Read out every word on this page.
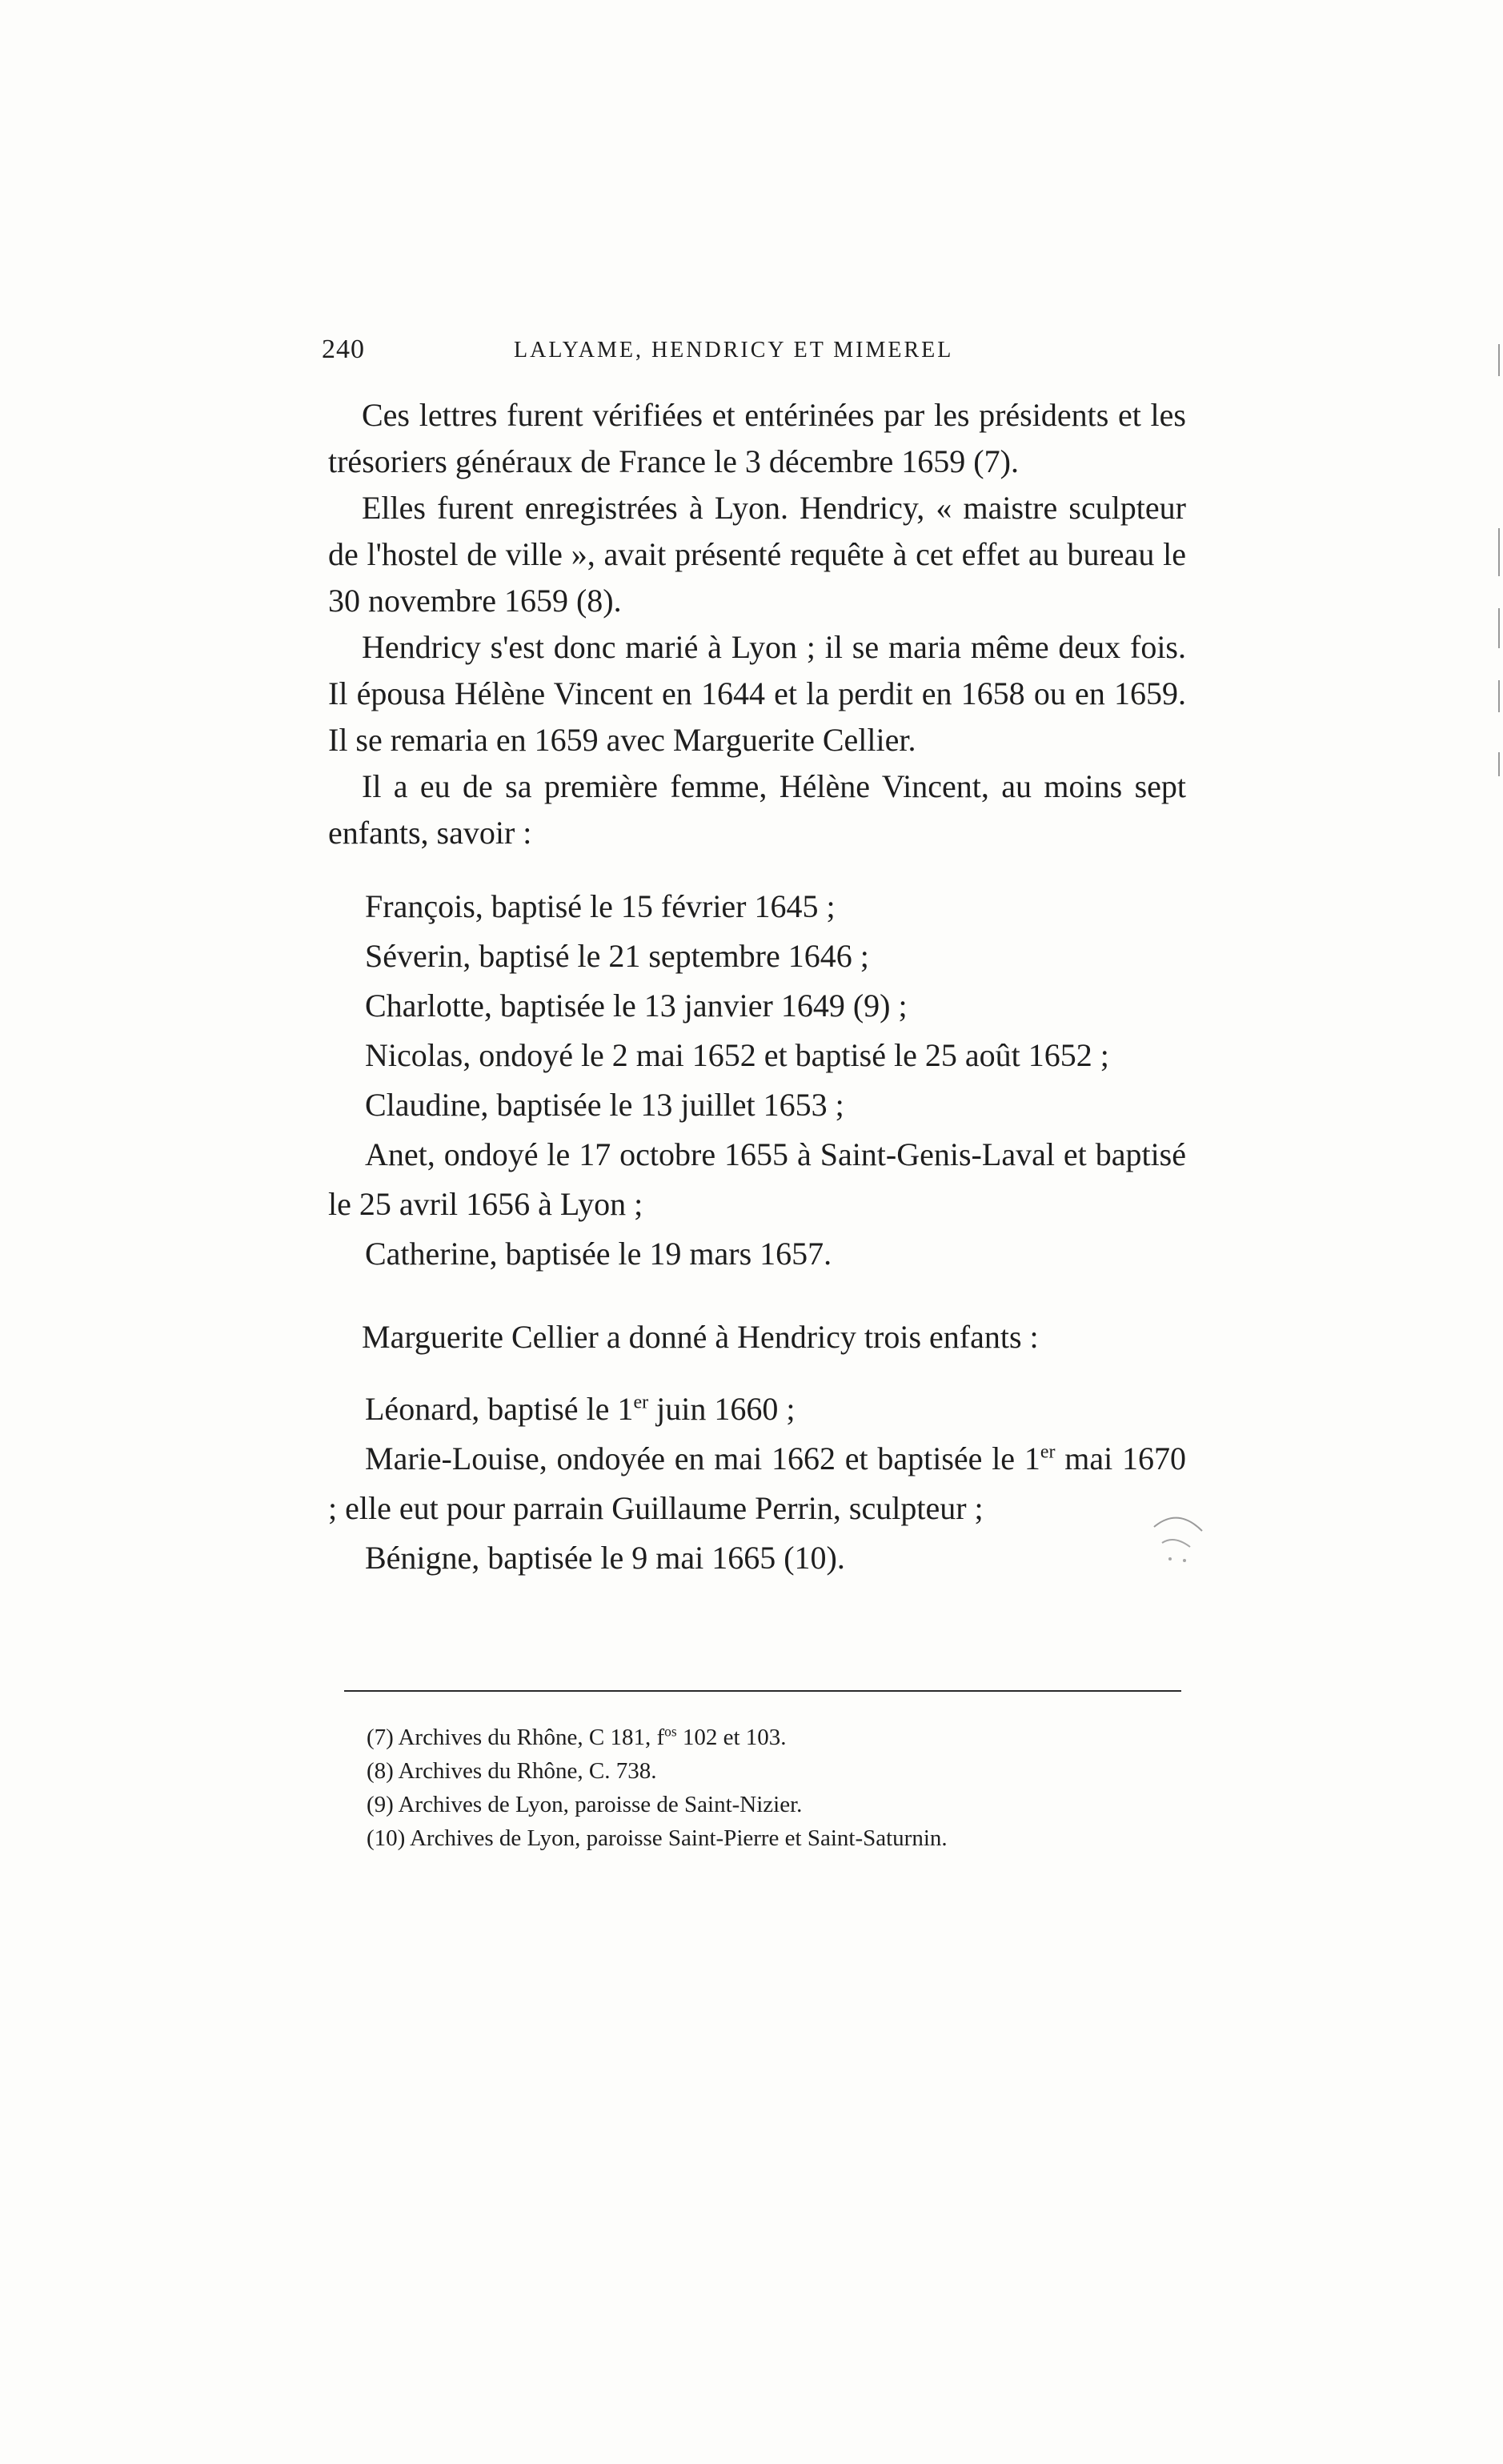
240	LALYAME, HENDRICY ET MIMEREL

Ces lettres furent vérifiées et entérinées par les présidents et les trésoriers généraux de France le 3 décembre 1659 (7).

Elles furent enregistrées à Lyon. Hendricy, « maistre sculpteur de l'hostel de ville », avait présenté requête à cet effet au bureau le 30 novembre 1659 (8).

Hendricy s'est donc marié à Lyon ; il se maria même deux fois. Il épousa Hélène Vincent en 1644 et la perdit en 1658 ou en 1659. Il se remaria en 1659 avec Marguerite Cellier.

Il a eu de sa première femme, Hélène Vincent, au moins sept enfants, savoir :

François, baptisé le 15 février 1645 ;
Séverin, baptisé le 21 septembre 1646 ;
Charlotte, baptisée le 13 janvier 1649 (9) ;
Nicolas, ondoyé le 2 mai 1652 et baptisé le 25 août 1652 ;
Claudine, baptisée le 13 juillet 1653 ;
Anet, ondoyé le 17 octobre 1655 à Saint-Genis-Laval et baptisé le 25 avril 1656 à Lyon ;
Catherine, baptisée le 19 mars 1657.

Marguerite Cellier a donné à Hendricy trois enfants :

Léonard, baptisé le 1er juin 1660 ;
Marie-Louise, ondoyée en mai 1662 et baptisée le 1er mai 1670 ; elle eut pour parrain Guillaume Perrin, sculpteur ;
Bénigne, baptisée le 9 mai 1665 (10).
(7) Archives du Rhône, C 181, $f^{os}$ 102 et 103.
(8) Archives du Rhône, C. 738.
(9) Archives de Lyon, paroisse de Saint-Nizier.
(10) Archives de Lyon, paroisse Saint-Pierre et Saint-Saturnin.
